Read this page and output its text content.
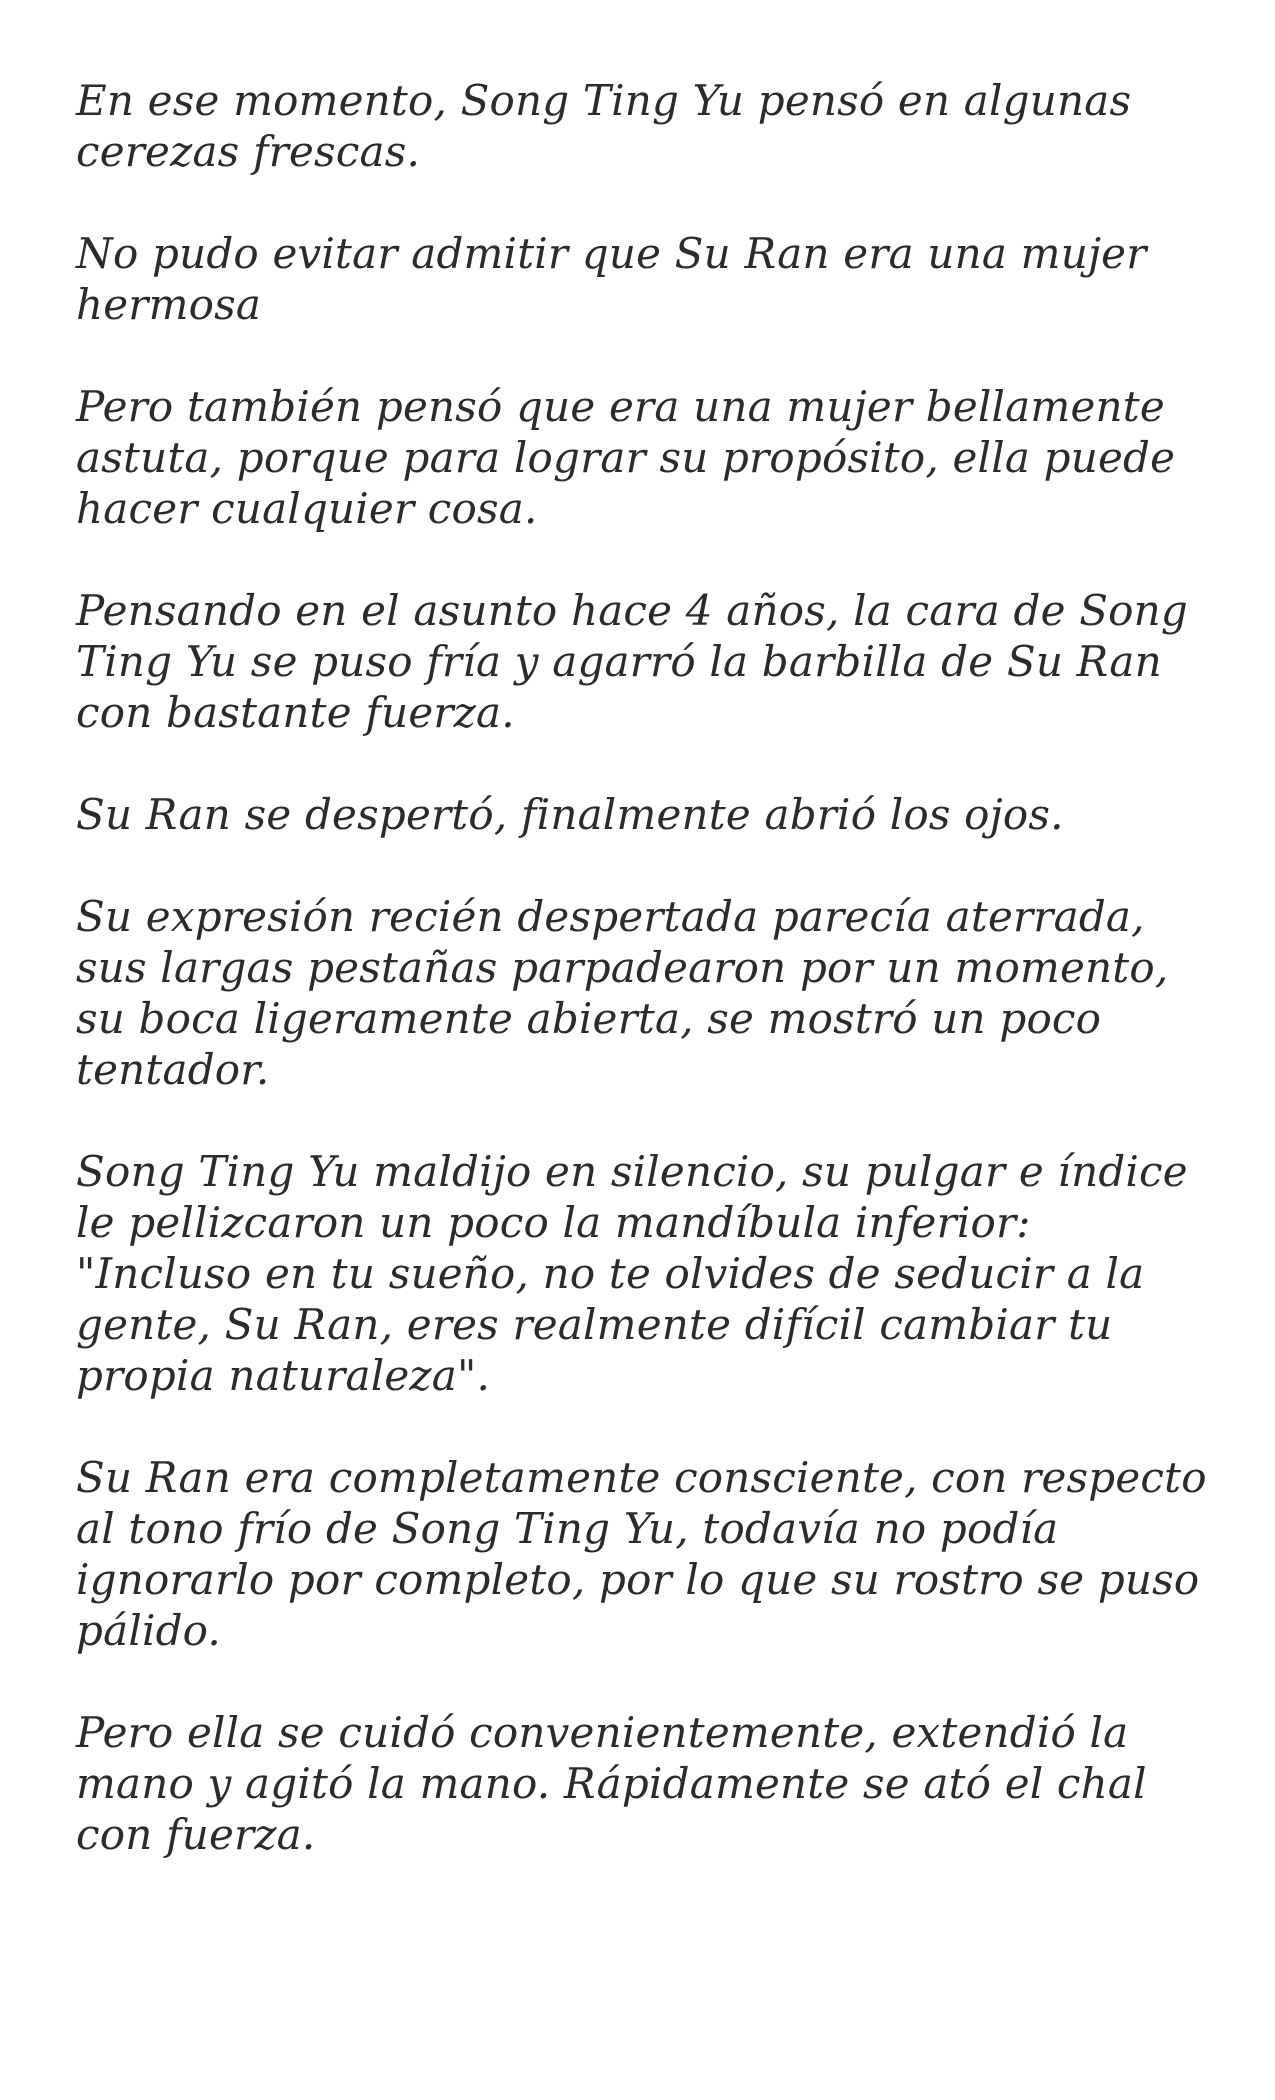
En ese momento, Song Ting Yu pensó en algunas
cerezas frescas.

No pudo evitar admitir que Su Ran era una mujer
hermosa

Pero también pensó que era una mujer bellamente
astuta, porque para lograr su propósito, ella puede
hacer cualquier cosa.

Pensando en el asunto hace 4 años, la cara de Song
Ting Yu se puso fría y agarró la barbilla de Su Ran
con bastante fuerza.

Su Ran se despertó, finalmente abrió los ojos.

Su expresión recién despertada parecía aterrada,
sus largas pestañas parpadearon por un momento,
su boca ligeramente abierta, se mostró un poco
tentador.

Song Ting Yu maldijo en silencio, su pulgar e índice
le pellizcaron un poco la mandíbula inferior:
"Incluso en tu sueño, no te olvides de seducir a la
gente, Su Ran, eres realmente difícil cambiar tu
propia naturaleza".

Su Ran era completamente consciente, con respecto
al tono frío de Song Ting Yu, todavía no podía
ignorarlo por completo, por lo que su rostro se puso
pálido.

Pero ella se cuidó convenientemente, extendió la
mano y agitó la mano. Rápidamente se ató el chal
con fuerza.
